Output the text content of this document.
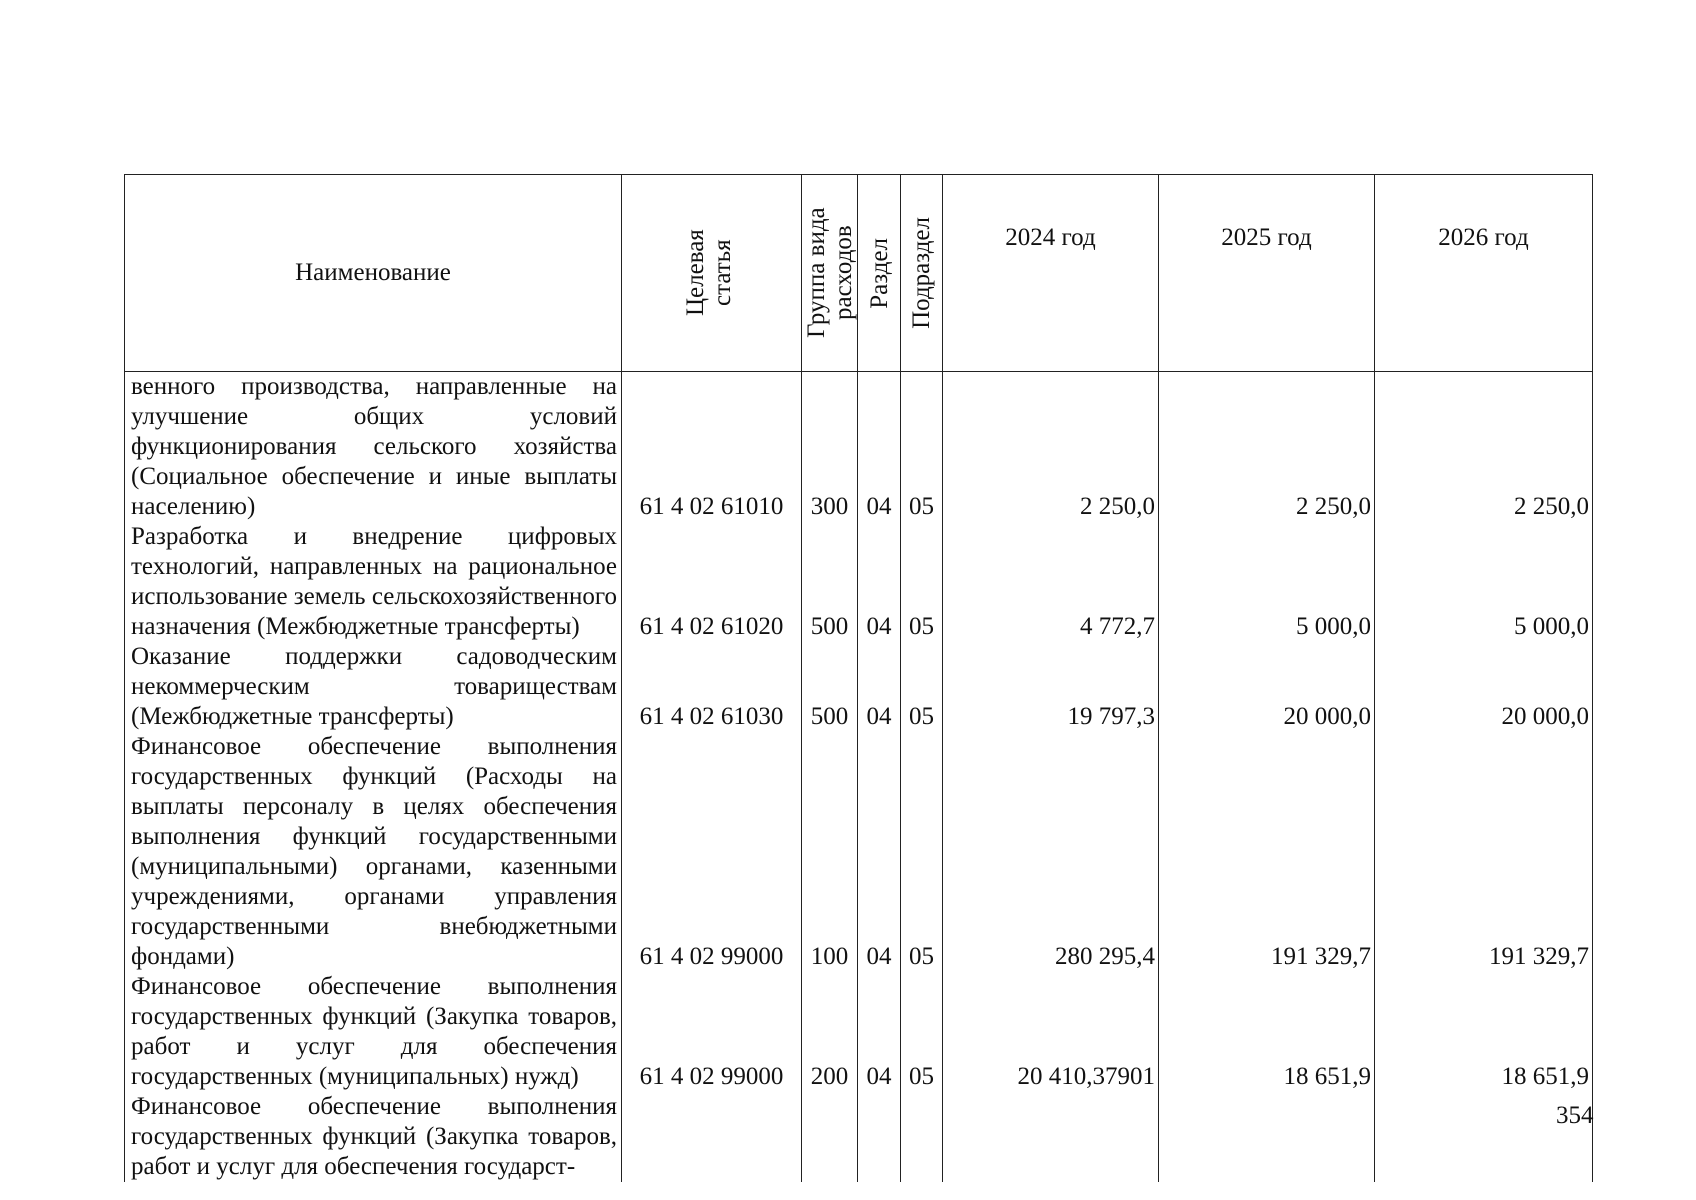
Наименование	Целевая статья	Группа вида расходов	Раздел	Подраздел	2024 год	2025 год	2026 год
венного производства, направленные на улучшение общих условий функционирования сельского хозяйства (Социальное обеспечение и иные выплаты населению)	61 4 02 61010	300	04	05	2 250,0	2 250,0	2 250,0
Разработка и внедрение цифровых технологий, направленных на рациональное использование земель сельскохозяйственного назначения (Межбюджетные трансферты)	61 4 02 61020	500	04	05	4 772,7	5 000,0	5 000,0
Оказание поддержки садоводческим некоммерческим товариществам (Межбюджетные трансферты)	61 4 02 61030	500	04	05	19 797,3	20 000,0	20 000,0
Финансовое обеспечение выполнения государственных функций (Расходы на выплаты персоналу в целях обеспечения выполнения функций государственными (муниципальными) органами, казенными учреждениями, органами управления государственными внебюджетными фондами)	61 4 02 99000	100	04	05	280 295,4	191 329,7	191 329,7
Финансовое обеспечение выполнения государственных функций (Закупка товаров, работ и услуг для обеспечения государственных (муниципальных) нужд)	61 4 02 99000	200	04	05	20 410,37901	18 651,9	18 651,9
Финансовое обеспечение выполнения государственных функций (Закупка товаров, работ и услуг для обеспечения государст-							
354
